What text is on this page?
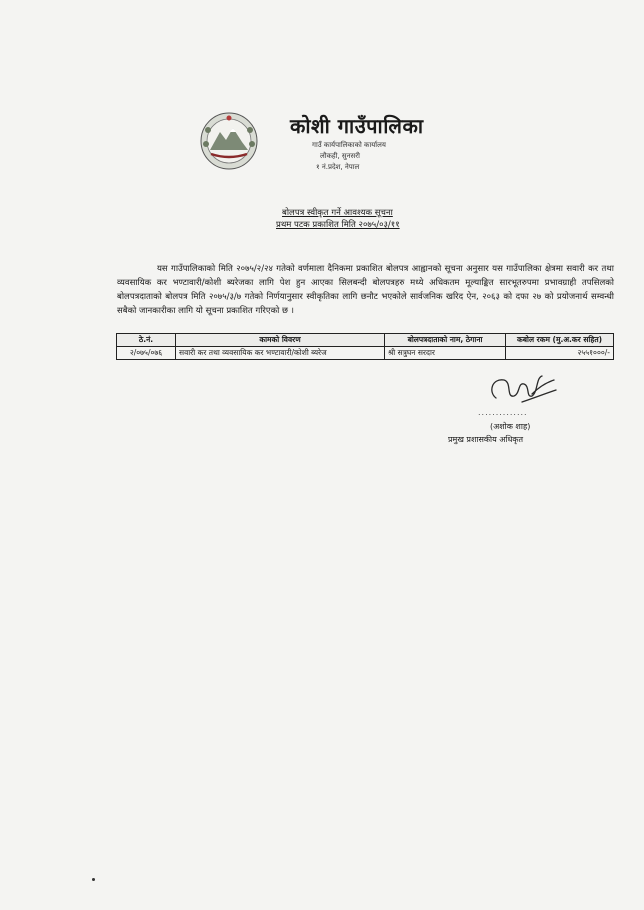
कोशी गाउँपालिका
गाउँ कार्यपालिकाको कार्यालय
लौकही, सुनसरी
१ नं.प्रदेश, नेपाल
बोलपत्र स्वीकृत गर्ने आवश्यक सूचना
प्रथम पटक प्रकाशित मिति २०७५/०३/११
यस गाउँपालिकाको मिति २०७५/२/२४ गतेको वर्णमाला दैनिकमा प्रकाशित बोलपत्र आह्वानको सूचना अनुसार यस गाउँपालिका क्षेत्रमा सवारी कर तथा व्यवसायिक कर भण्टावारी/कोशी ब्यरेजका लागि पेश हुन आएका सिलबन्दी बोलपत्रहरु मध्ये अधिकतम मूल्याङ्कित सारभूतरुपमा प्रभावग्राही तपसिलको बोलपत्रदाताको बोलपत्र मिति २०७५/३/७ गतेको निर्णयानुसार स्वीकृतिका लागि छनौट भएकोले सार्वजनिक खरिद ऐन, २०६३ को दफा २७ को प्रयोजनार्थ सम्वन्धी सबैको जानकारीका लागि यो सूचना प्रकाशित गरिएको छ ।
ठे.नं.	कामको विवरण	बोलपत्रदाताको नाम, ठेगाना	कबोल रकम (मु.अ.कर सहित)
२/०७५/०७६	सवारी कर तथा व्यवसायिक कर भण्टावारी/कोशी ब्यरेज	श्री सत्रुघन सरदार	२५५१०००/-
..............
(अशोक शाह)
प्रमुख प्रशासकीय अधिकृत
